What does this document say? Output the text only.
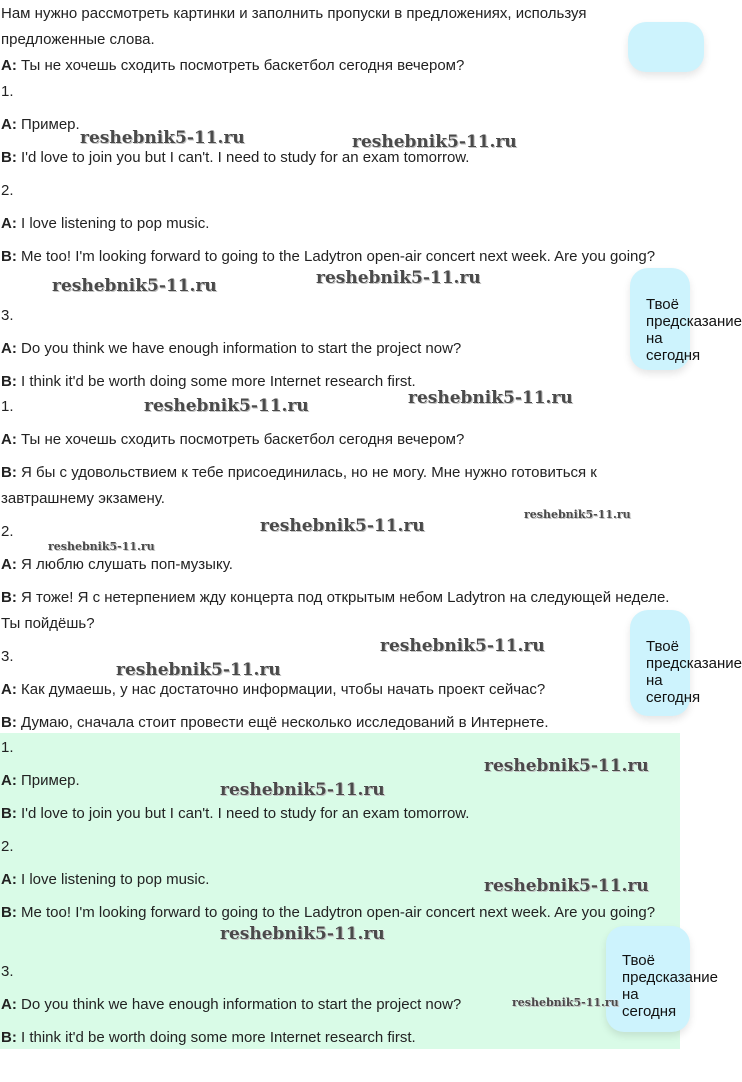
Нам нужно рассмотреть картинки и заполнить пропуски в предложениях, используя предложенные слова.
A: Ты не хочешь сходить посмотреть баскетбол сегодня вечером?
1.
A: Пример.
B: I'd love to join you but I can't. I need to study for an exam tomorrow.
2.
A: I love listening to pop music.
B: Me too! I'm looking forward to going to the Ladytron open-air concert next week. Are you going?
3.
A: Do you think we have enough information to start the project now?
B: I think it'd be worth doing some more Internet research first.
1.
A: Ты не хочешь сходить посмотреть баскетбол сегодня вечером?
B: Я бы с удовольствием к тебе присоединилась, но не могу. Мне нужно готовиться к завтрашнему экзамену.
2.
A: Я люблю слушать поп-музыку.
B: Я тоже! Я с нетерпением жду концерта под открытым небом Ladytron на следующей неделе. Ты пойдёшь?
3.
A: Как думаешь, у нас достаточно информации, чтобы начать проект сейчас?
B: Думаю, сначала стоит провести ещё несколько исследований в Интернете.
1.
A: Пример.
B: I'd love to join you but I can't. I need to study for an exam tomorrow.
2.
A: I love listening to pop music.
B: Me too! I'm looking forward to going to the Ladytron open-air concert next week. Are you going?
3.
A: Do you think we have enough information to start the project now?
B: I think it'd be worth doing some more Internet research first.
Твоё
предсказание
на сегодня
Твоё
предсказание
на сегодня
Твоё
предсказание
на сегодня
reshebnik5-11.ru	reshebnik5-11.ru
reshebnik5-11.ru	reshebnik5-11.ru
reshebnik5-11.ru	reshebnik5-11.ru
reshebnik5-11.ru
reshebnik5-11.ru
reshebnik5-11.ru
reshebnik5-11.ru
reshebnik5-11.ru
reshebnik5-11.ru
reshebnik5-11.ru
reshebnik5-11.ru
reshebnik5-11.ru
reshebnik5-11.ru
